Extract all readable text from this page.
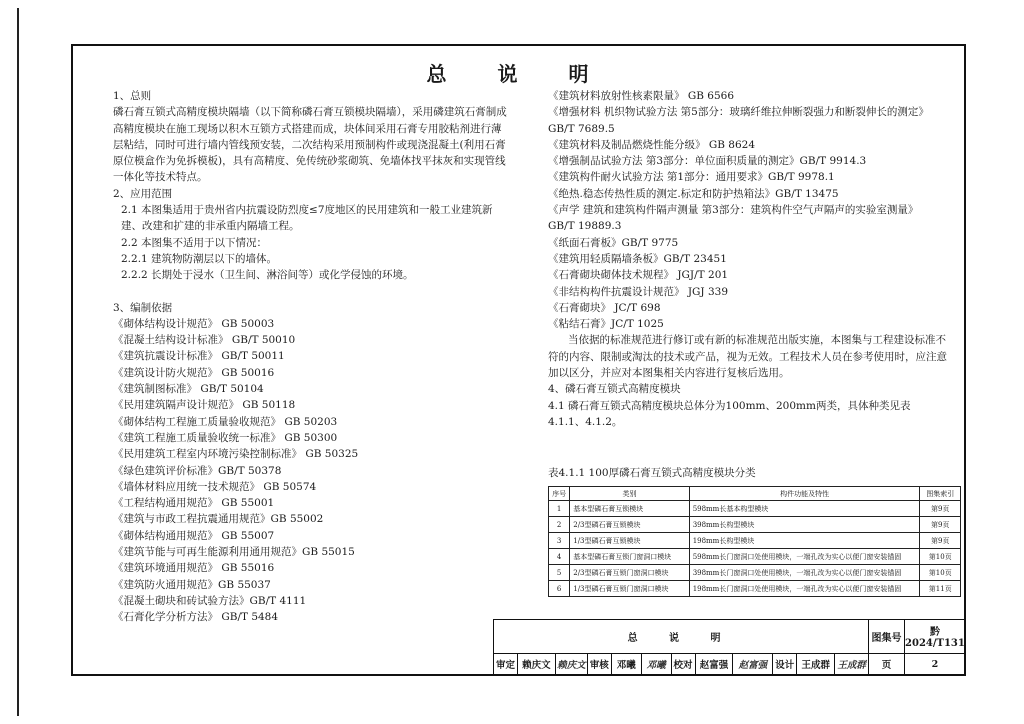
总 说 明

1、总则

磷石膏互锁式高精度模块隔墙（以下简称磷石膏互锁模块隔墙），采用磷建筑石膏制成高精度模块在施工现场以积木互锁方式搭建而成，块体间采用石膏专用胶粘剂进行薄层粘结，同时可进行墙内管线预安装，二次结构采用预制构件或现浇混凝土(利用石膏原位模盒作为免拆模板)，具有高精度、免传统砂浆砌筑、免墙体找平抹灰和实现管线一体化等技术特点。

2、应用范围

2.1 本图集适用于贵州省内抗震设防烈度≤7度地区的民用建筑和一般工业建筑新建、改建和扩建的非承重内隔墙工程。

2.2 本图集不适用于以下情况：

2.2.1 建筑物防潮层以下的墙体。

2.2.2 长期处于浸水（卫生间、淋浴间等）或化学侵蚀的环境。

3、编制依据

《砌体结构设计规范》 GB 50003

《混凝土结构设计标准》 GB/T 50010

《建筑抗震设计标准》 GB/T 50011

《建筑设计防火规范》 GB 50016

《建筑制图标准》 GB/T 50104

《民用建筑隔声设计规范》 GB 50118

《砌体结构工程施工质量验收规范》 GB 50203

《建筑工程施工质量验收统一标准》 GB 50300

《民用建筑工程室内环境污染控制标准》 GB 50325

《绿色建筑评价标准》GB/T 50378

《墙体材料应用统一技术规范》 GB 50574

《工程结构通用规范》 GB 55001

《建筑与市政工程抗震通用规范》GB 55002

《砌体结构通用规范》 GB 55007

《建筑节能与可再生能源利用通用规范》GB 55015

《建筑环境通用规范》 GB 55016

《建筑防火通用规范》GB 55037

《混凝土砌块和砖试验方法》GB/T 4111

《石膏化学分析方法》 GB/T 5484

《建筑材料放射性核素限量》 GB 6566

《增强材料 机织物试验方法 第5部分：玻璃纤维拉伸断裂强力和断裂伸长的测定》

GB/T 7689.5

《建筑材料及制品燃烧性能分级》 GB 8624

《增强制品试验方法 第3部分：单位面积质量的测定》GB/T 9914.3

《建筑构件耐火试验方法 第1部分：通用要求》GB/T 9978.1

《绝热.稳态传热性质的测定.标定和防护热箱法》GB/T 13475

《声学 建筑和建筑构件隔声测量 第3部分：建筑构件空气声隔声的实验室测量》

GB/T 19889.3

《纸面石膏板》GB/T 9775

《建筑用轻质隔墙条板》GB/T 23451

《石膏砌块砌体技术规程》 JGJ/T 201

《非结构构件抗震设计规范》 JGJ 339

《石膏砌块》 JC/T 698

《粘结石膏》JC/T 1025

当依据的标准规范进行修订或有新的标准规范出版实施，本图集与工程建设标准不符的内容、限制或淘汰的技术或产品，视为无效。工程技术人员在参考使用时，应注意加以区分，并应对本图集相关内容进行复核后选用。

4、磷石膏互锁式高精度模块

4.1 磷石膏互锁式高精度模块总体分为100mm、200mm两类，具体种类见表

4.1.1、4.1.2。

表4.1.1 100厚磷石膏互锁式高精度模块分类
序号	类别	构件功能及特性	图集索引
1	基本型磷石膏互锁模块	598mm长基本构型模块	第9页
2	2/3型磷石膏互锁模块	398mm长构型模块	第9页
3	1/3型磷石膏互锁模块	198mm长构型模块	第9页
4	基本型磷石膏互锁门窗洞口模块	598mm长门窗洞口处使用模块，一端孔改为实心以便门窗安装锚固	第10页
5	2/3型磷石膏互锁门窗洞口模块	398mm长门窗洞口处使用模块，一端孔改为实心以便门窗安装锚固	第10页
6	1/3型磷石膏互锁门窗洞口模块	198mm长门窗洞口处使用模块，一端孔改为实心以便门窗安装锚固	第11页
总 说 明												图集号	黔2024/T131
审定	赖庆文	赖庆文	审核	邓曦	邓曦	校对	赵富强	赵富强	设计	王成群	王成群	页	2
